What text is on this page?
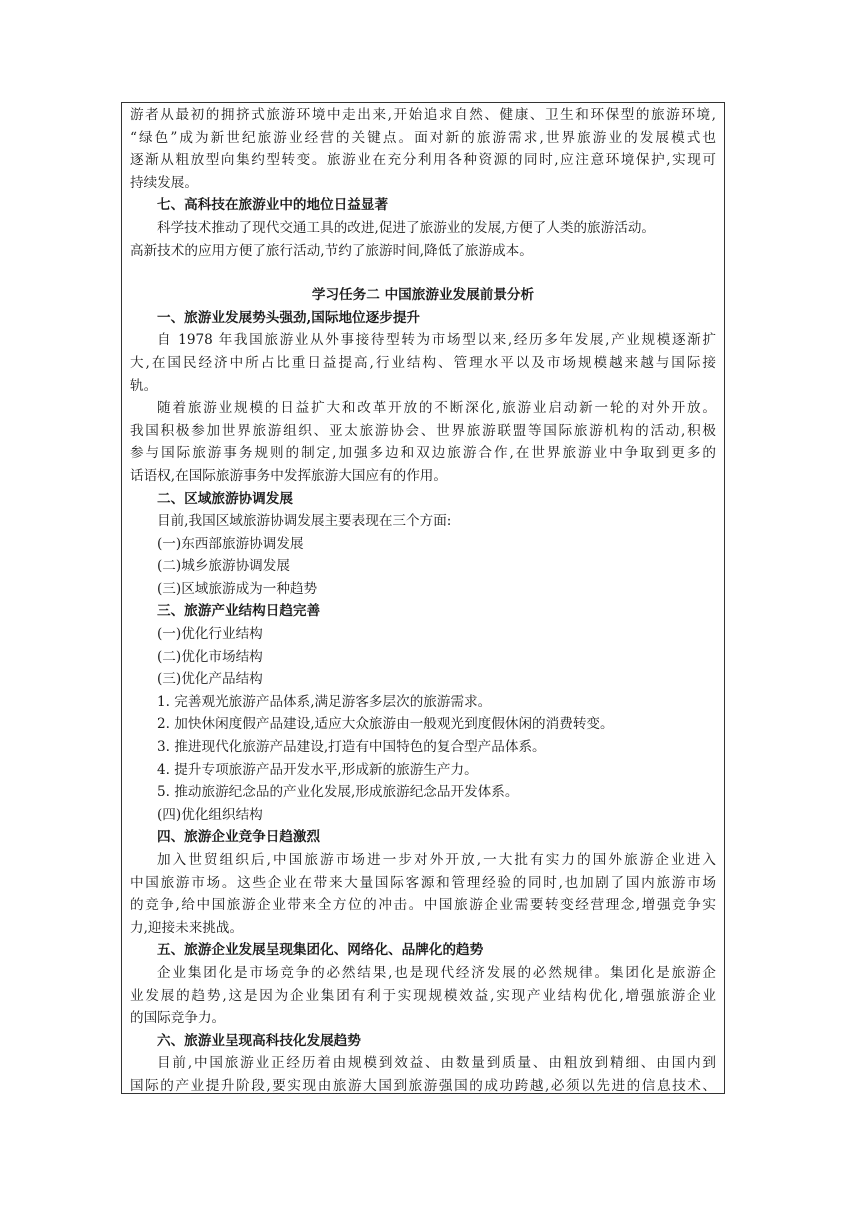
游者从最初的拥挤式旅游环境中走出来,开始追求自然、健康、卫生和环保型的旅游环境,
“绿色”成为新世纪旅游业经营的关键点。面对新的旅游需求,世界旅游业的发展模式也
逐渐从粗放型向集约型转变。旅游业在充分利用各种资源的同时,应注意环境保护,实现可
持续发展。
七、高科技在旅游业中的地位日益显著
科学技术推动了现代交通工具的改进,促进了旅游业的发展,方便了人类的旅游活动。
高新技术的应用方便了旅行活动,节约了旅游时间,降低了旅游成本。
学习任务二 中国旅游业发展前景分析
一、旅游业发展势头强劲,国际地位逐步提升
自 1978 年我国旅游业从外事接待型转为市场型以来,经历多年发展,产业规模逐渐扩
大,在国民经济中所占比重日益提高,行业结构、管理水平以及市场规模越来越与国际接
轨。
随着旅游业规模的日益扩大和改革开放的不断深化,旅游业启动新一轮的对外开放。
我国积极参加世界旅游组织、亚太旅游协会、世界旅游联盟等国际旅游机构的活动,积极
参与国际旅游事务规则的制定,加强多边和双边旅游合作,在世界旅游业中争取到更多的
话语权,在国际旅游事务中发挥旅游大国应有的作用。
二、区域旅游协调发展
目前,我国区域旅游协调发展主要表现在三个方面:
(一)东西部旅游协调发展
(二)城乡旅游协调发展
(三)区域旅游成为一种趋势
三、旅游产业结构日趋完善
(一)优化行业结构
(二)优化市场结构
(三)优化产品结构
1. 完善观光旅游产品体系,满足游客多层次的旅游需求。
2. 加快休闲度假产品建设,适应大众旅游由一般观光到度假休闲的消费转变。
3. 推进现代化旅游产品建设,打造有中国特色的复合型产品体系。
4. 提升专项旅游产品开发水平,形成新的旅游生产力。
5. 推动旅游纪念品的产业化发展,形成旅游纪念品开发体系。
(四)优化组织结构
四、旅游企业竞争日趋激烈
加入世贸组织后,中国旅游市场进一步对外开放,一大批有实力的国外旅游企业进入
中国旅游市场。这些企业在带来大量国际客源和管理经验的同时,也加剧了国内旅游市场
的竞争,给中国旅游企业带来全方位的冲击。中国旅游企业需要转变经营理念,增强竞争实
力,迎接未来挑战。
五、旅游企业发展呈现集团化、网络化、品牌化的趋势
企业集团化是市场竞争的必然结果,也是现代经济发展的必然规律。集团化是旅游企
业发展的趋势,这是因为企业集团有利于实现规模效益,实现产业结构优化,增强旅游企业
的国际竞争力。
六、旅游业呈现高科技化发展趋势
目前,中国旅游业正经历着由规模到效益、由数量到质量、由粗放到精细、由国内到
国际的产业提升阶段,要实现由旅游大国到旅游强国的成功跨越,必须以先进的信息技术、
